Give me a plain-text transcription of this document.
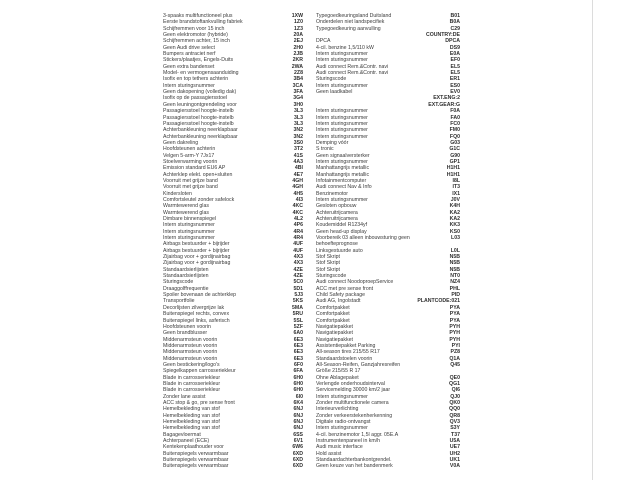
3-spaaks multifunctioneel plus	1XW	Typegoedkeuringsland Duitsland	B01
Eerste brandstoftankvulling fabriek	1Z0	Onderdelen niet landspecifiek	B0A
Schijfremmen voor 15 inch	1Z3	Typegoedkeuring aanvulling	C29
Geen elektromotor (hybride)	20A	COUNTRY:DE
Schijfremmen achter, 15 inch	2EJ	DPCA	DPCA
Geen Audi drive select	2H0	4-cil. benzine 1,5/110 kW	DS9
Bumpers antraciet nerf	2JB	Intern sturingsnummer	E0A
Stickers/plaatjes, Engels-Duits	2KR	Intern sturingsnummer	EF0
Geen extra bandenset	2WA	Audi connect Rem.&Contr. navi	EL5
Model- en vermogensaanduiding	2Z8	Audi connect Rem.&Contr. navi	EL5
Isofix en top tethers achterin	3B4	Sturingscode	ER1
Intern sturingsnummer	3CA	Intern sturingsnummer	ES0
Geen dakopening (volledig dak)	3FA	Geen laadkabel	EV0
Isofix op de passagiersstoel	3G4	EXT.ENG:2
Geen leuningontgrendeling voor	3H0	EXT.GEAR:G
Passagiersstoel hoogte-instelb	3L3	Intern sturingsnummer	F0A
Passagiersstoel hoogte-instelb	3L3	Intern sturingsnummer	FA0
Passagiersstoel hoogte-instelb	3L3	Intern sturingsnummer	FC0
Achterbankleuning neerklapbaar	3N2	Intern sturingsnummer	FM0
Achterbankleuning neerklapbaar	3N2	Intern sturingsnummer	FQ0
Geen dakreling	3S0	Demping vóór	G03
Hoofdsteunen achterin	3T2	S tronic	G1C
Velgen 5-arm-Y 7Jx17	41S	Geen signaalversterker	G90
Stoelverwarming voorin	4A3	Intern sturingsnummer	GP1
Emission standard EU6 AP	4BI	Manhattangrijs metallic	H1H1
Achterklep elekt. open+sluiten	4E7	Manhattangrijs metallic	H1H1
Voorruit met grijze band	4GH	Infotainmentcomputer	I8L
Voorruit met grijze band	4GH	Audi connect Nav & Info	IT3
Kindersloten	4H5	Benzinemotor	IX1
Comfortsleutel zonder safelock	4I3	Intern sturingsnummer	J0V
Warmtewerend glas	4KC	Gesloten opbouw	K4H
Warmtewerend glas	4KC	Achteruitrijcamera	KA2
Dimbare binnenspiegel	4L2	Achteruitrijcamera	KA2
Intern sturingsnummer	4P6	Koudemiddel R1234yf	KK3
Intern sturingsnummer	4R4	Geen head-up display	KS0
Intern sturingsnummer	4R4	Voorbereik 03 alleen inbouwsturing geen	L03
Airbags bestuurder + bijrijder	4UF	behoefteprognose
Airbags bestuurder + bijrijder	4UF	Linksgestuurde auto	L0L
Zijairbag voor + gordijnairbag	4X3	Stof Skript	N5B
Zijairbag voor + gordijnairbag	4X3	Stof Skript	N5B
Standaardsierlijsten	4ZE	Stof Skript	N5B
Standaardsierlijsten	4ZE	Sturingscode	NT0
Sturingscode	5C0	Audi connect NoodoproepService	NZ4
Draaggolffrequentie	5D1	ACC met pre sense front	PHL
Spoiler bovenaan de achterklep	5J3	Child Safety package	PID
Transportfolie	5KS	Audi AG, Ingolstadt	PLANTCODE:021
Decorlijsten zilvergrijze lak	5MA	Comfortpakket	PYA
Buitenspiegel rechts, convex	5RU	Comfortpakket	PYA
Buitenspiegel links, asferisch	5SL	Comfortpakket	PYA
Hoofdsteunen voorin	5ZF	Navigatiepakket	PYH
Geen brandblusser	6A0	Navigatiepakket	PYH
Middenarmsteun voorin	6E3	Navigatiepakket	PYH
Middenarmsteun voorin	6E3	Assistentiepakket Parking	PYI
Middenarmsteun voorin	6E3	All-season tires 215/55 R17	PZ8
Middenarmsteun voorin	6E3	Standaardstoelen voorin	Q1A
Geen bestickering/logo's	6F0	All-Season-Reifen, Ganzjahresreifen	Q45
Spiegelkappen carrosseriekleur	6FA	Größe 215/55 R 17
Blade in carrosseriekleur	6H0	Ohne Ablagepaket	QE0
Blade in carrosseriekleur	6H0	Verlengde onderhoudsinterval	QG1
Blade in carrosseriekleur	6H0	Servicemelding 30000 km/2 jaar	QI6
Zonder lane assist	6I0	Intern sturingsnummer	QJ0
ACC stop & go, pre sense front	6K4	Zonder multifunctionele camera	QK0
Hemelbekleding van stof	6NJ	Interieurverlichting	QQ0
Hemelbekleding van stof	6NJ	Zonder verkeerstekenherkenning	QR8
Hemelbekleding van stof	6NJ	Digitale radio-ontvangst	QV3
Hemelbekleding van stof	6NJ	Intern sturingsnummer	S3Y
Bagagevloermat	6SS	4-cil. benzinemotor 1,5l aggr. 05E.A	T37
Achterpaneel (ECE)	6V1	Instrumentenpaneel in km/h	U5A
Kentekenplaathouder voor	6W6	Audi music interface	UE7
Buitenspiegels verwarmbaar	6XD	Hold assist	UH2
Buitenspiegels verwarmbaar	6XD	Standaardachterbankontgrendel.	UK1
Buitenspiegels verwarmbaar	6XD	Geen keuze van het bandenmerk	V0A
